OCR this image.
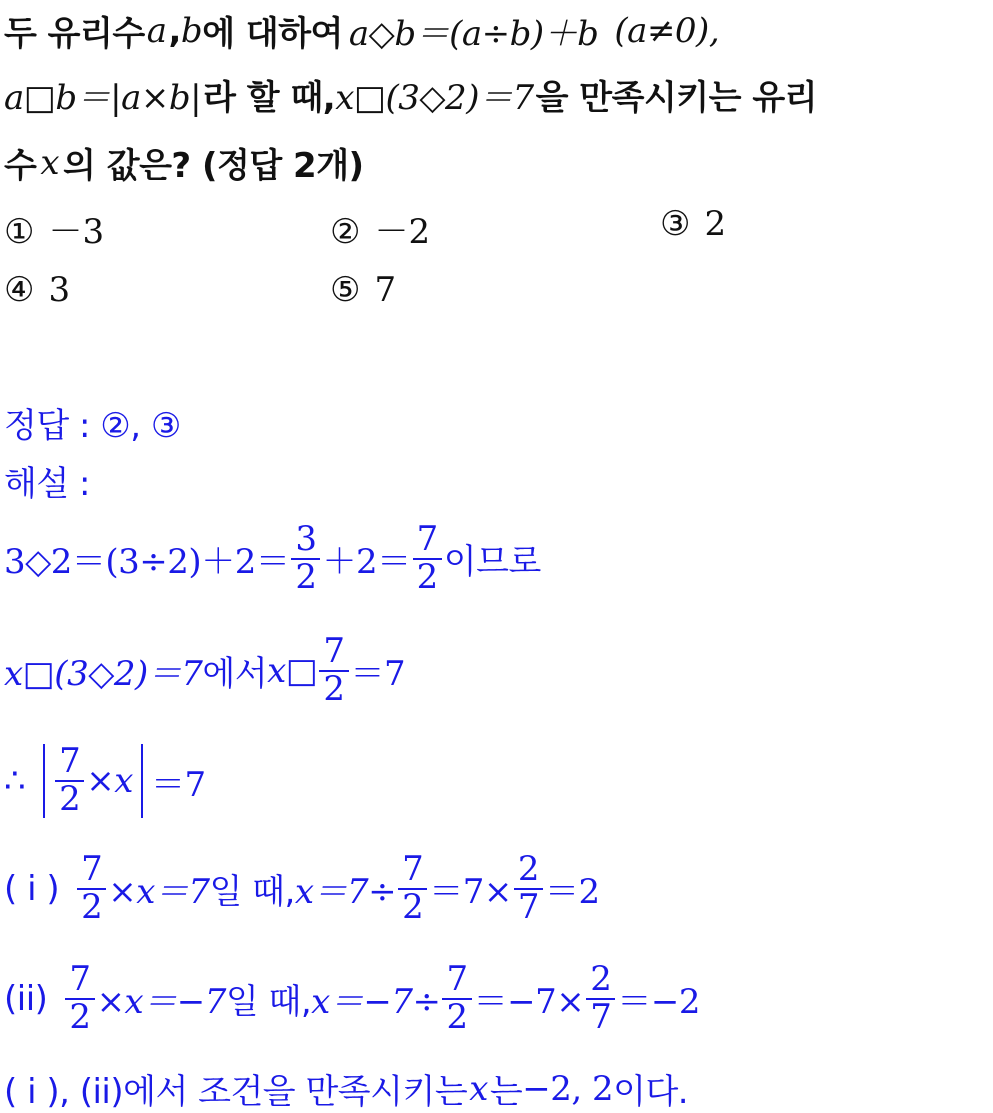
두 유리수 a , b 에 대하여 a◇b＝(a÷b)＋b (a≠0),
a□b＝|a×b| 라 할 때, x□(3◇2)＝7 을 만족시키는 유리
수 x 의 값은? (정답 2개)
① －3	② －2	③ 2
④ 3	⑤ 7
정답 : ②, ③
해설 :
3◇2＝(3÷2)＋2＝ $\frac{3}{2} +2= \frac{7}{2}$ 이므로
x□(3◇2)＝7 에서 x□ $\frac{7}{2} =7$
∴ $\frac{7}{2} \times x =7$
( i ) $\frac{7}{2} \times x=7$ 일 때, $x=7\div \frac{7}{2} =7\times \frac{2}{7} =2$
$(ii) \frac{7}{2} \times x=-7$ 일 때, $x=-7\div \frac{7}{2} =-7\times \frac{2}{7} =-2$
( i ), (ii)에서 조건을 만족시키는 x 는 −2, 2 이다.
